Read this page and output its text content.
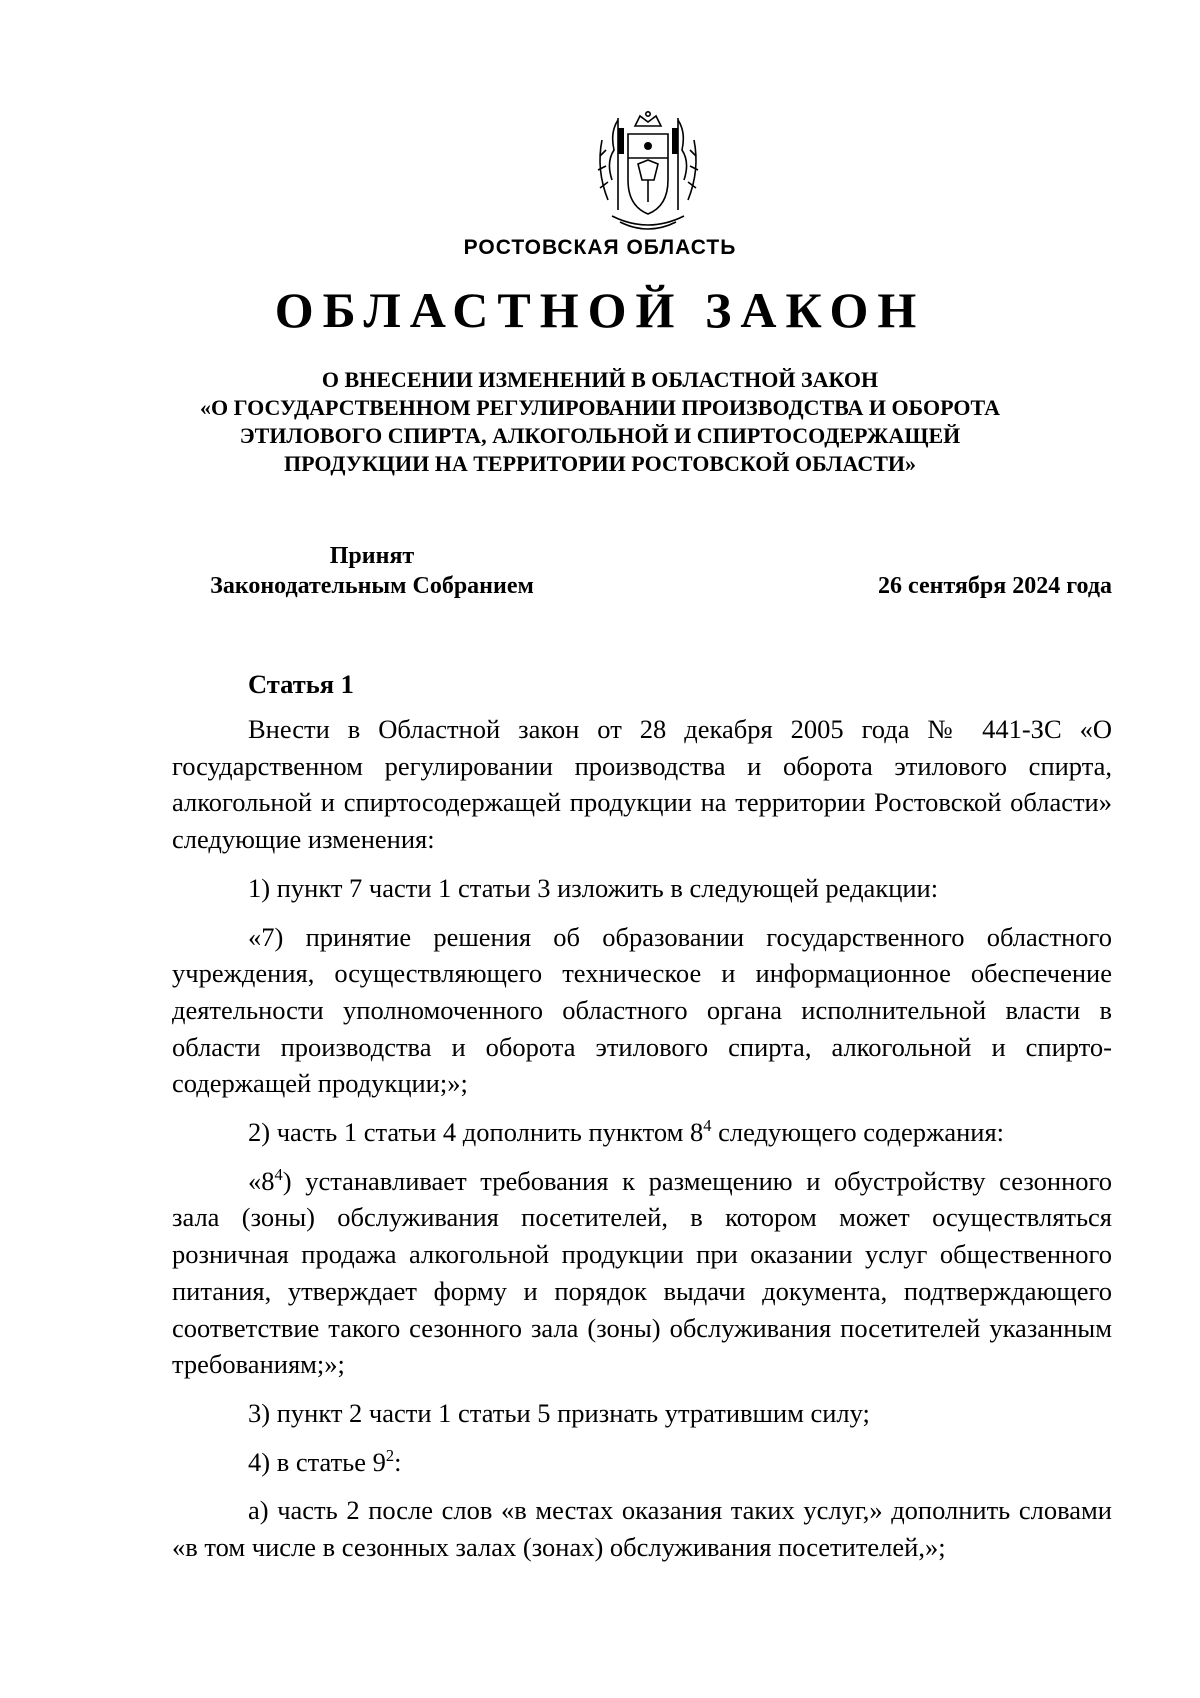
РОСТОВСКАЯ ОБЛАСТЬ
ОБЛАСТНОЙ ЗАКОН
О ВНЕСЕНИИ ИЗМЕНЕНИЙ В ОБЛАСТНОЙ ЗАКОН
«О ГОСУДАРСТВЕННОМ РЕГУЛИРОВАНИИ ПРОИЗВОДСТВА И ОБОРОТА
ЭТИЛОВОГО СПИРТА, АЛКОГОЛЬНОЙ И СПИРТОСОДЕРЖАЩЕЙ
ПРОДУКЦИИ НА ТЕРРИТОРИИ РОСТОВСКОЙ ОБЛАСТИ»
Принят
Законодательным Собранием	26 сентября 2024 года
Статья 1

Внести в Областной закон от 28 декабря 2005 года № 441-ЗС «О государственном регулировании производства и оборота этилового спирта, алкогольной и спиртосодержащей продукции на территории Ростовской области» следующие изменения:

1) пункт 7 части 1 статьи 3 изложить в следующей редакции:

«7) принятие решения об образовании государственного областного учреждения, осуществляющего техническое и информационное обеспечение деятельности уполномоченного областного органа исполнительной власти в области производства и оборота этилового спирта, алкогольной и спиртосодержащей продукции;»;

2) часть 1 статьи 4 дополнить пунктом $8^4$ следующего содержания:

«$8^4$) устанавливает требования к размещению и обустройству сезонного зала (зоны) обслуживания посетителей, в котором может осуществляться розничная продажа алкогольной продукции при оказании услуг общественного питания, утверждает форму и порядок выдачи документа, подтверждающего соответствие такого сезонного зала (зоны) обслуживания посетителей указанным требованиям;»;

3) пункт 2 части 1 статьи 5 признать утратившим силу;

4) в статье $9^2$:

а) часть 2 после слов «в местах оказания таких услуг,» дополнить словами «в том числе в сезонных залах (зонах) обслуживания посетителей,»;
